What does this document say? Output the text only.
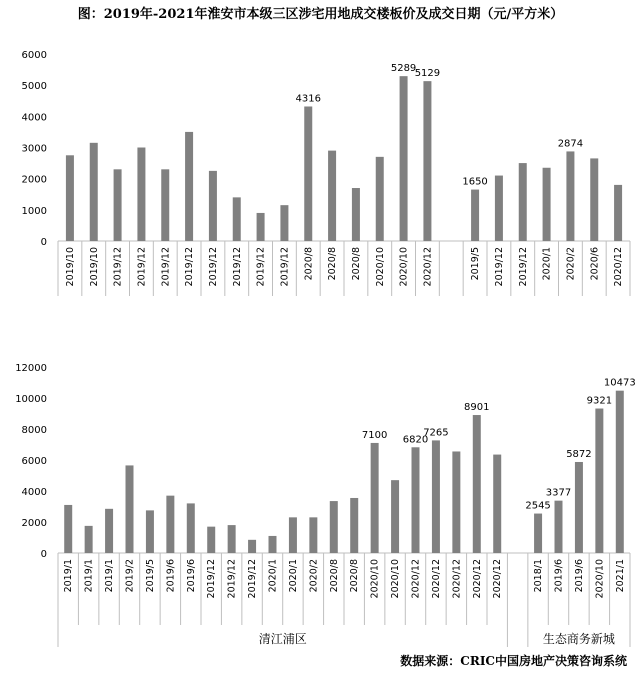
图：2019年-2021年淮安市本级三区涉宅用地成交楼板价及成交日期（元/平方米）
0
1000
2000
3000
4000
5000
6000
2019/10 2019/10 2019/12 2019/12 2019/12 2019/12 2019/12 2019/12 2019/12 2019/12
4316
2020/8 2020/8 2020/8 2020/10
5289
2020/10
5129
2020/12
1650
2019/5 2019/12 2019/12 2020/1
2874
2020/2 2020/6 2020/12
0
2000
4000
6000
8000
10000
12000
2019/1 2019/1 2019/1 2019/2 2019/5 2019/6 2019/6 2019/12 2019/12 2019/12 2020/1 2020/1 2020/2 2020/8 2020/8
7100
2020/10 2020/10
6820
2020/12
7265
2020/12 2020/12
8901
2020/12 2020/12
清江浦区
2545
2018/1
3377
2019/6
5872
2019/6
9321
2020/10
10473
2021/1
生态商务新城
数据来源：CRIC中国房地产决策咨询系统
